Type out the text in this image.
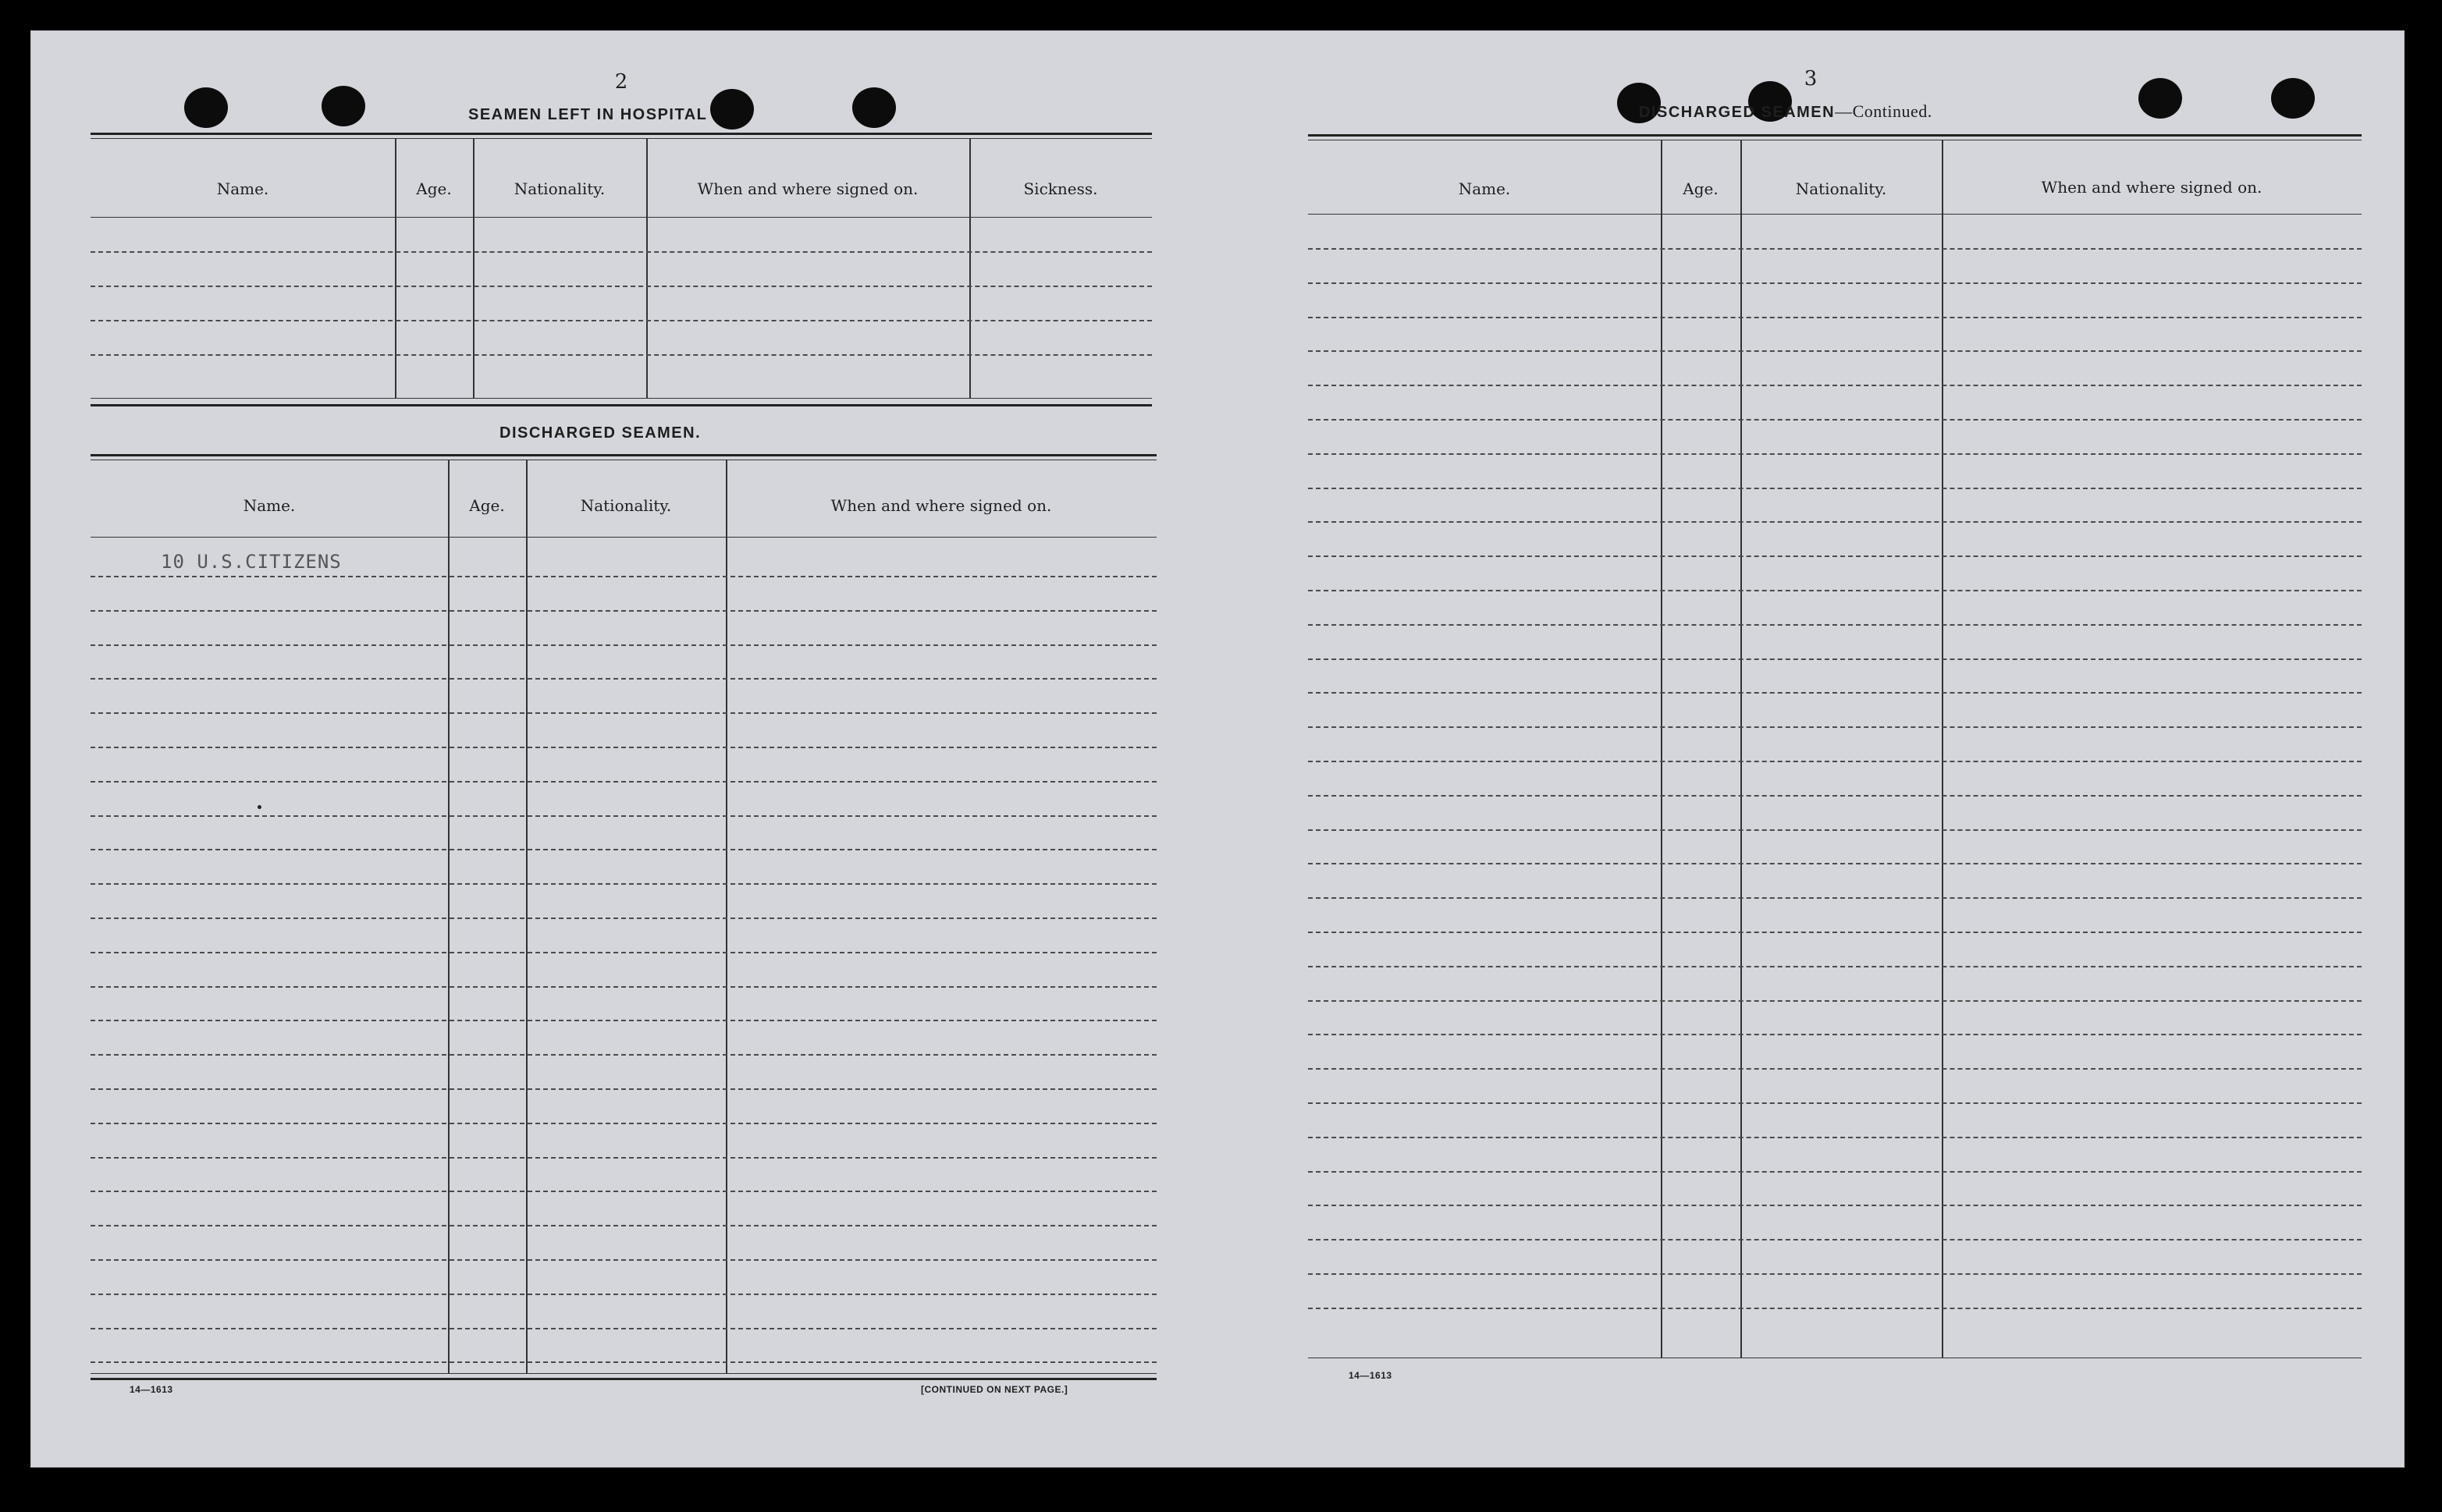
2
SEAMEN LEFT IN HOSPITAL
Name.	Age.	Nationality.	When and where signed on.	Sickness.
DISCHARGED SEAMEN.
Name.	Age.	Nationality.	When and where signed on.
10 U.S.CITIZENS
14—1613	[CONTINUED ON NEXT PAGE.]
3
DISCHARGED SEAMEN—Continued.
Name.	Age.	Nationality.	When and where signed on.
14—1613
